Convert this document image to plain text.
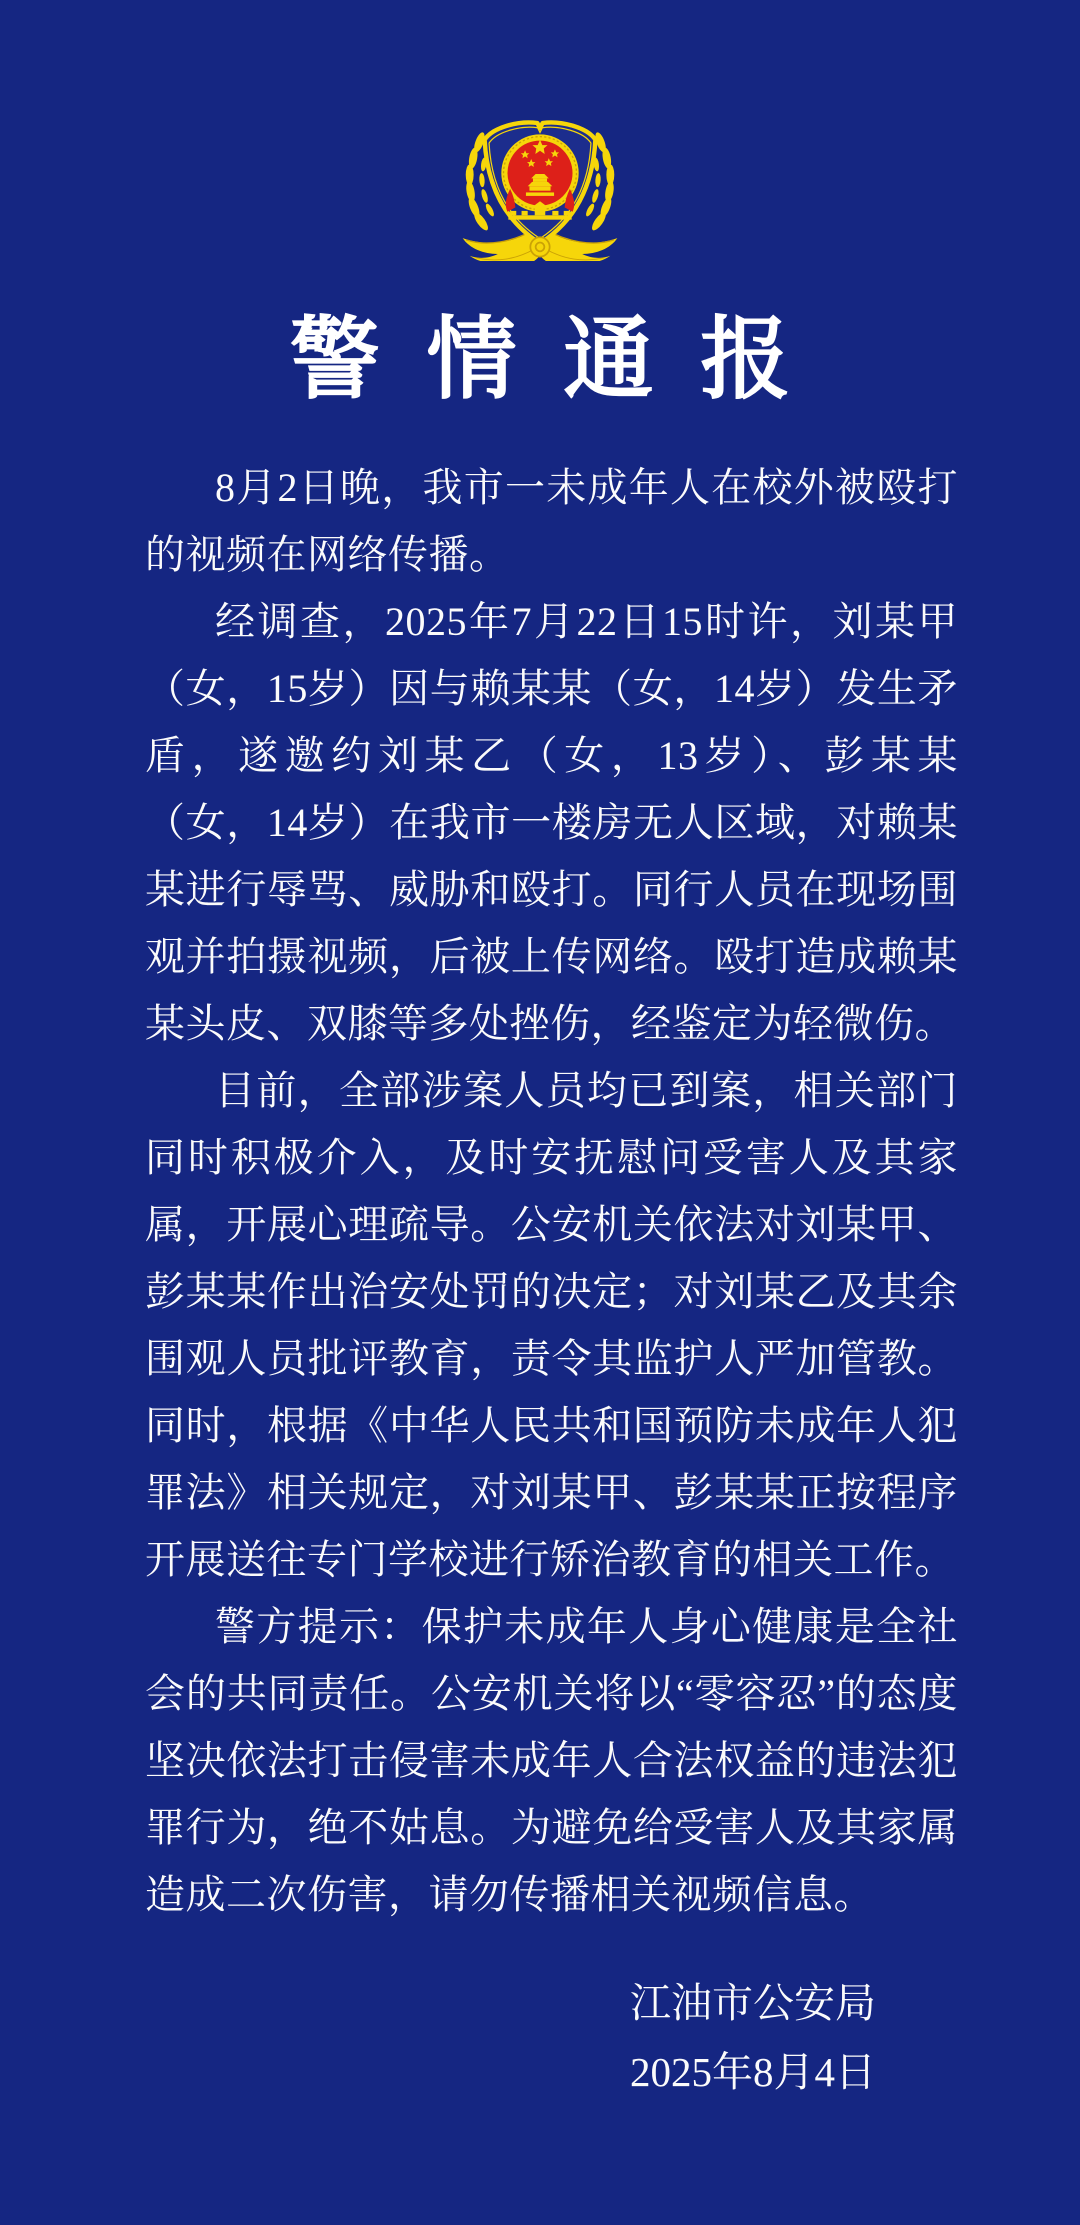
警情通报

8月2日晚，我市一未成年人在校外被殴打的视频在网络传播。

经调查，2025年7月22日15时许，刘某甲（女，15岁）因与赖某某（女，14岁）发生矛盾，遂邀约刘某乙（女，13岁）、彭某某（女，14岁）在我市一楼房无人区域，对赖某某进行辱骂、威胁和殴打。同行人员在现场围观并拍摄视频，后被上传网络。殴打造成赖某某头皮、双膝等多处挫伤，经鉴定为轻微伤。

目前，全部涉案人员均已到案，相关部门同时积极介入，及时安抚慰问受害人及其家属，开展心理疏导。公安机关依法对刘某甲、彭某某作出治安处罚的决定；对刘某乙及其余围观人员批评教育，责令其监护人严加管教。同时，根据《中华人民共和国预防未成年人犯罪法》相关规定，对刘某甲、彭某某正按程序开展送往专门学校进行矫治教育的相关工作。

警方提示：保护未成年人身心健康是全社会的共同责任。公安机关将以“零容忍”的态度坚决依法打击侵害未成年人合法权益的违法犯罪行为，绝不姑息。为避免给受害人及其家属造成二次伤害，请勿传播相关视频信息。

江油市公安局
2025年8月4日
